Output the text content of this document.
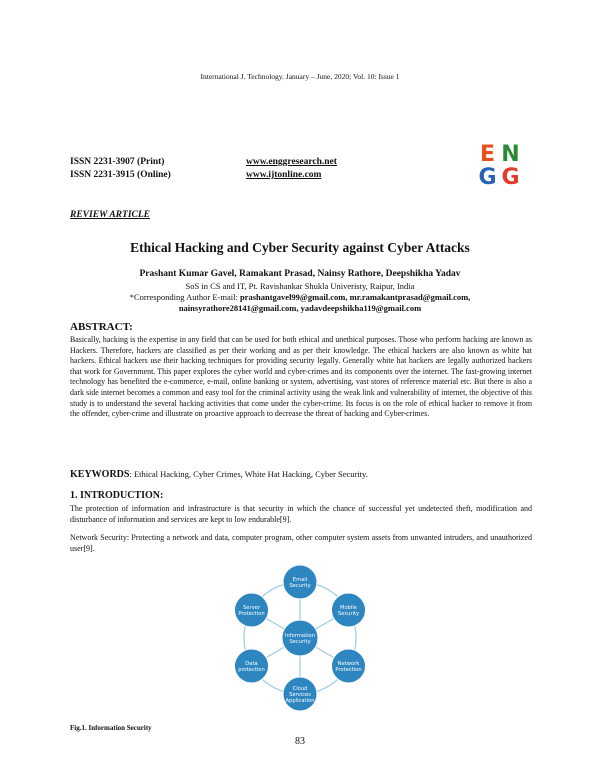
International J. Technology. January – June, 2020; Vol. 10: Issue 1
ISSN 2231-3907 (Print)
ISSN 2231-3915 (Online)
www.enggresearch.net
www.ijtonline.com
E N
G G
REVIEW ARTICLE
Ethical Hacking and Cyber Security against Cyber Attacks
Prashant Kumar Gavel, Ramakant Prasad, Nainsy Rathore, Deepshikha Yadav
SoS in CS and IT, Pt. Ravishankar Shukla Univeristy, Raipur, India
*Corresponding Author E-mail: prashantgavel99@gmail.com, mr.ramakantprasad@gmail.com,
nainsyrathore28141@gmail.com, yadavdeepshikha119@gmail.com
ABSTRACT:
Basically, hacking is the expertise in any field that can be used for both ethical and unethical purposes. Those who perform hacking are known as Hackers. Therefore, hackers are classified as per their working and as per their knowledge. The ethical hackers are also known as white hat hackers. Ethical hackers use their hacking techniques for providing security legally. Generally white hat hackers are legally authorized hackers that work for Government. This paper explores the cyber world and cyber-crimes and its components over the internet. The fast-growing internet technology has benefited the e-commerce, e-mail, online banking or system, advertising, vast stores of reference material etc. But there is also a dark side internet becomes a common and easy tool for the criminal activity using the weak link and vulnerability of internet, the objective of this study is to understand the several hacking activities that come under the cyber-crime. Its focus is on the role of ethical hacker to remove it from the offender, cyber-crime and illustrate on proactive approach to decrease the threat of hacking and Cyber-crimes.
KEYWORDS: Ethical Hacking, Cyber Crimes, White Hat Hacking, Cyber Security.
1. INTRODUCTION:
The protection of information and infrastructure is that security in which the chance of successful yet undetected theft, modification and disturbance of information and services are kept to low endurable[9].
Network Security: Protecting a network and data, computer program, other computer system assets from unwanted intruders, and unauthorized user[9].
Email
Security
Mobile
Security
Network
Protection
Cloud
Services
Application
Data
protection
Server
Protection
Information
Security
Fig.1. Information Security
83
